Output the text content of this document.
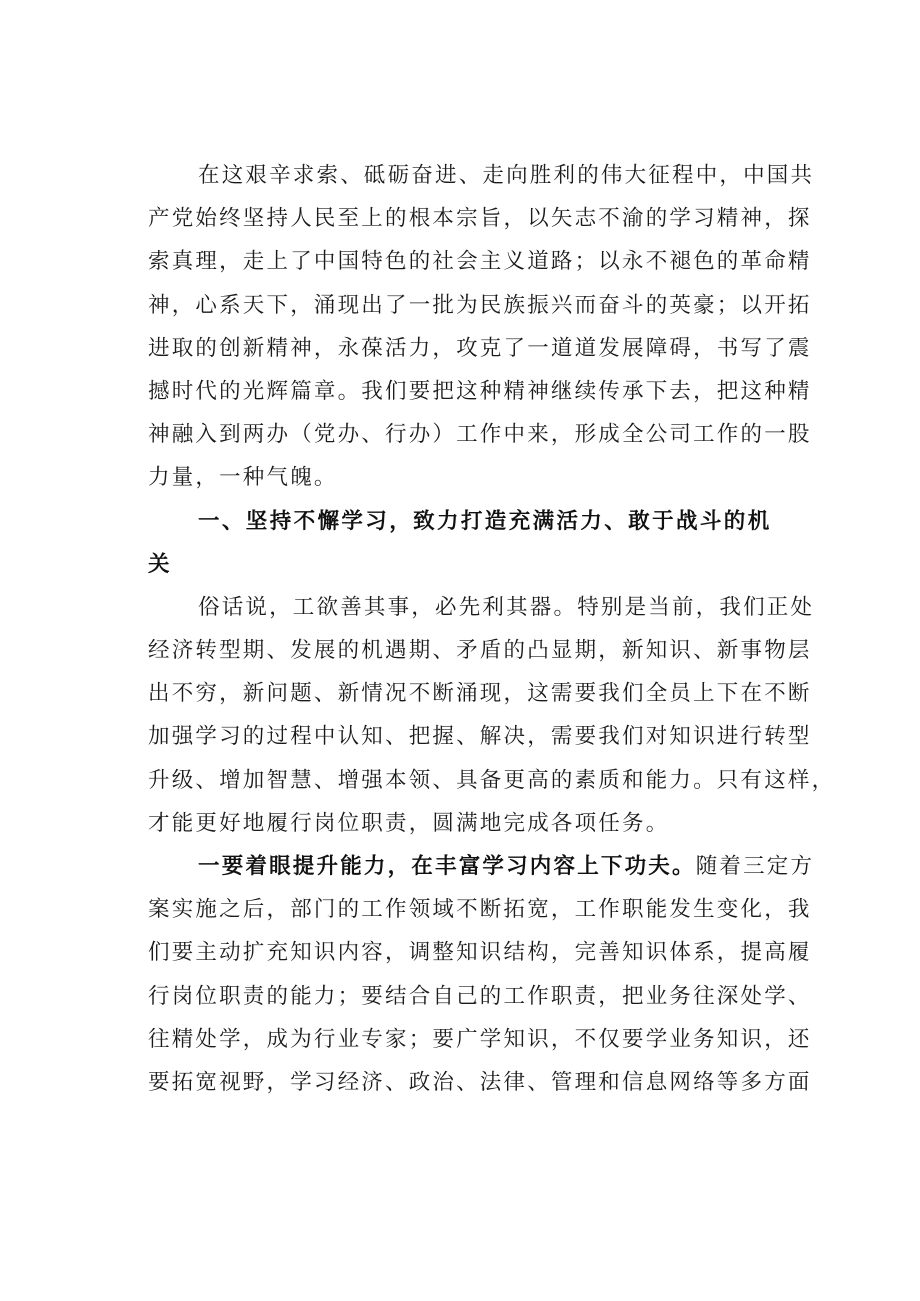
在这艰辛求索、砥砺奋进、走向胜利的伟大征程中，中国共
产党始终坚持人民至上的根本宗旨，以矢志不渝的学习精神，探
索真理，走上了中国特色的社会主义道路；以永不褪色的革命精
神，心系天下，涌现出了一批为民族振兴而奋斗的英豪；以开拓
进取的创新精神，永葆活力，攻克了一道道发展障碍，书写了震
撼时代的光辉篇章。我们要把这种精神继续传承下去，把这种精
神融入到两办（党办、行办）工作中来，形成全公司工作的一股
力量，一种气魄。
一、坚持不懈学习，致力打造充满活力、敢于战斗的机
关
俗话说，工欲善其事，必先利其器。特别是当前，我们正处
经济转型期、发展的机遇期、矛盾的凸显期，新知识、新事物层
出不穷，新问题、新情况不断涌现，这需要我们全员上下在不断
加强学习的过程中认知、把握、解决，需要我们对知识进行转型
升级、增加智慧、增强本领、具备更高的素质和能力。只有这样，
才能更好地履行岗位职责，圆满地完成各项任务。
一要着眼提升能力，在丰富学习内容上下功夫。随着三定方
案实施之后，部门的工作领域不断拓宽，工作职能发生变化，我
们要主动扩充知识内容，调整知识结构，完善知识体系，提高履
行岗位职责的能力；要结合自己的工作职责，把业务往深处学、
往精处学，成为行业专家；要广学知识，不仅要学业务知识，还
要拓宽视野，学习经济、政治、法律、管理和信息网络等多方面
